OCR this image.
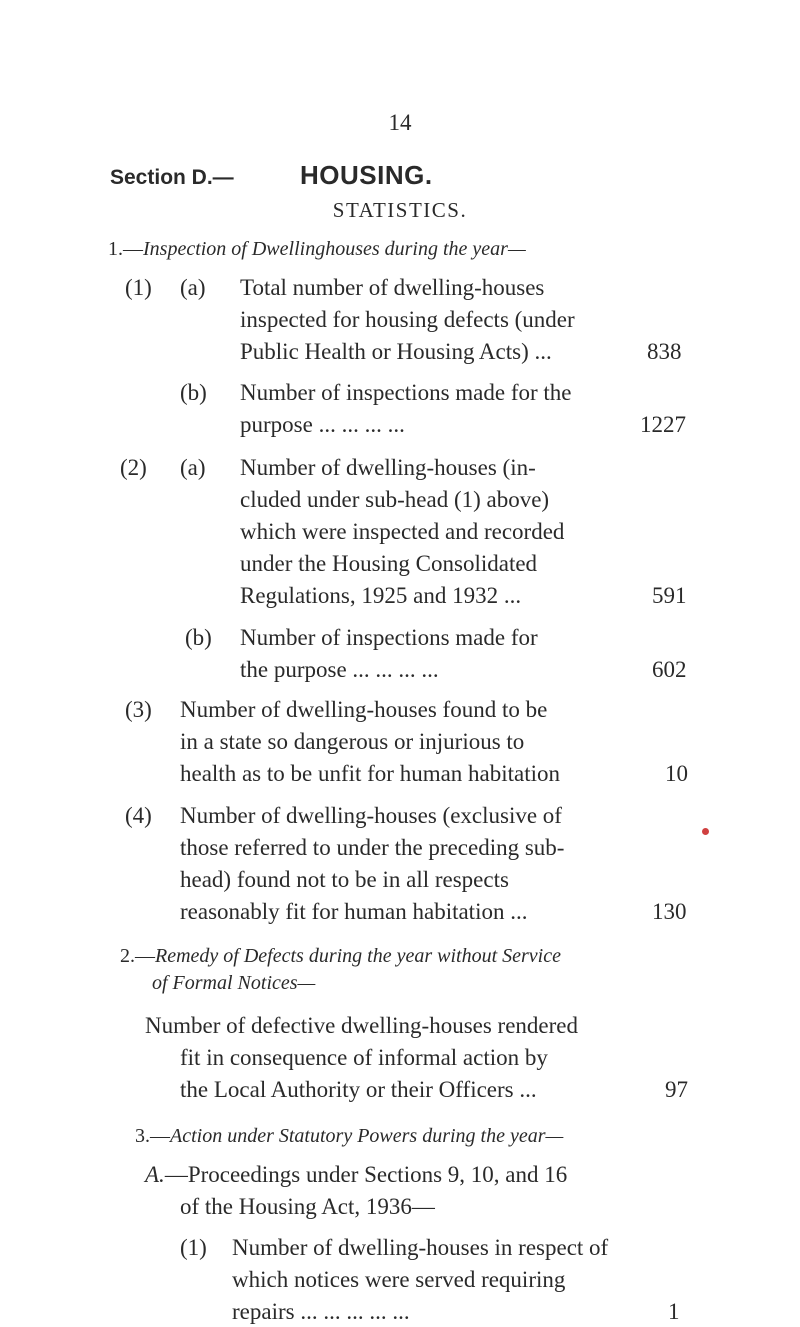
14
Section D.—	HOUSING.
STATISTICS.
1.—Inspection of Dwellinghouses during the year—
(1) (a) Total number of dwelling-houses
inspected for housing defects (under
Public Health or Housing Acts) ...	838
(b) Number of inspections made for the
purpose ... ... ... ...	1227
(2) (a) Number of dwelling-houses (in-
cluded under sub-head (1) above)
which were inspected and recorded
under the Housing Consolidated
Regulations, 1925 and 1932 ...	591
(b) Number of inspections made for
the purpose ... ... ... ...	602
(3) Number of dwelling-houses found to be
in a state so dangerous or injurious to
health as to be unfit for human habitation	10
(4) Number of dwelling-houses (exclusive of
those referred to under the preceding sub-
head) found not to be in all respects
reasonably fit for human habitation ...	130
2.—Remedy of Defects during the year without Service
of Formal Notices—
Number of defective dwelling-houses rendered
fit in consequence of informal action by
the Local Authority or their Officers ...	97
3.—Action under Statutory Powers during the year—
A.—Proceedings under Sections 9, 10, and 16
of the Housing Act, 1936—
(1) Number of dwelling-houses in respect of
which notices were served requiring
repairs ... ... ... ... ...	1
